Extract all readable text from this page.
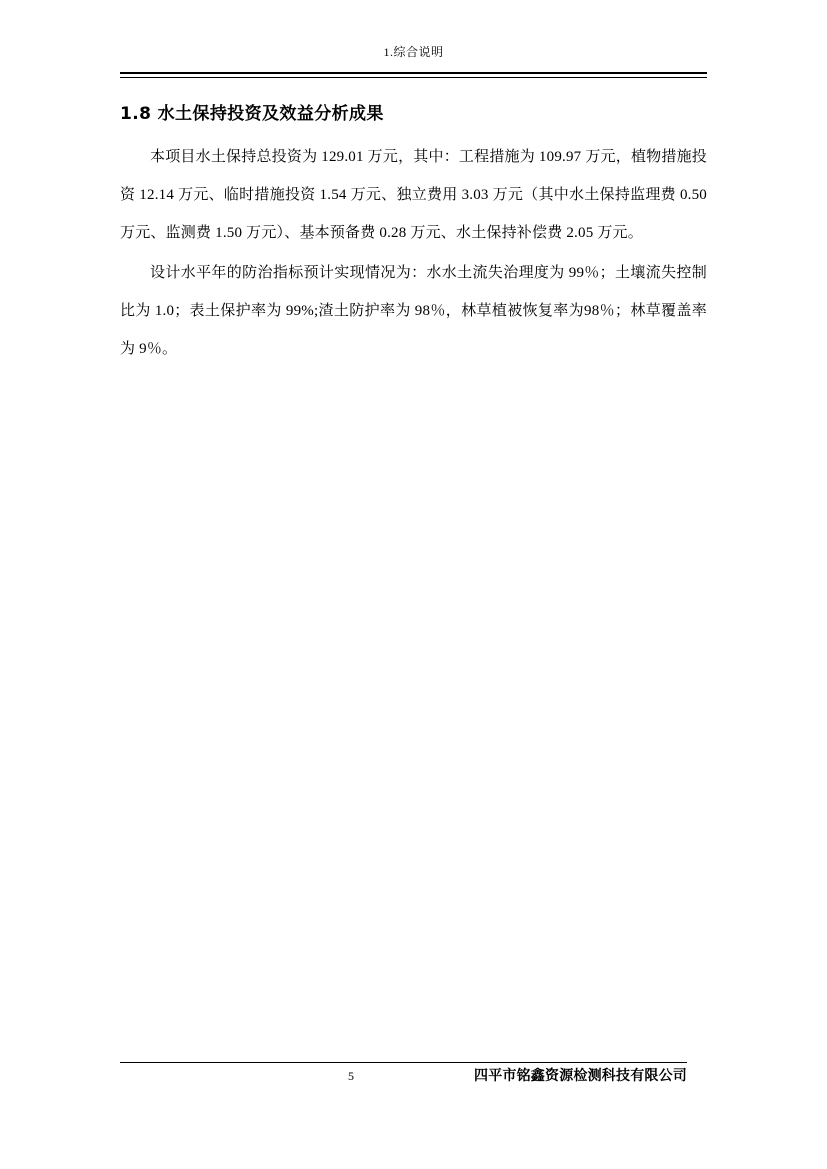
1.综合说明
1.8 水土保持投资及效益分析成果

本项目水土保持总投资为 129.01 万元，其中：工程措施为 109.97 万元，植物措施投资 12.14 万元、临时措施投资 1.54 万元、独立费用 3.03 万元（其中水土保持监理费 0.50 万元、监测费 1.50 万元）、基本预备费 0.28 万元、水土保持补偿费 2.05 万元。

设计水平年的防治指标预计实现情况为：水水土流失治理度为 99％；土壤流失控制比为 1.0；表土保护率为 99%;渣土防护率为 98％，林草植被恢复率为98％；林草覆盖率为 9％。

5	四平市铭鑫资源检测科技有限公司
